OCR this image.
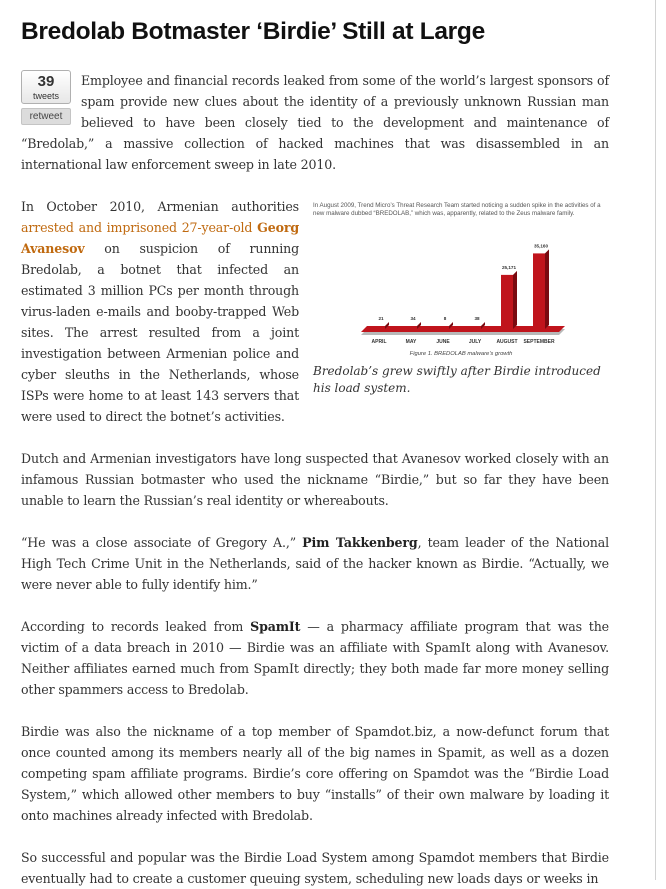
Bredolab Botmaster ‘Birdie’ Still at Large
39
tweets
retweet

Employee and financial records leaked from some of the world’s largest sponsors of spam provide new clues about the identity of a previously unknown Russian man believed to have been closely tied to the development and maintenance of “Bredolab,” a massive collection of hacked machines that was disassembled in an international law enforcement sweep in late 2010.

In August 2009, Trend Micro’s Threat Research Team started noticing a sudden spike in the activities of a new malware dubbed “BREDOLAB,” which was, apparently, related to the Zeus malware family.

21
APRIL
34
MAY
8
JUNE
38
JULY
25,171
AUGUST
35,160
SEPTEMBER
Figure 1. BREDOLAB malware’s growth
Bredolab’s grew swiftly after Birdie introduced his load system.

In October 2010, Armenian authorities arrested and imprisoned 27-year-old Georg Avanesov on suspicion of running Bredolab, a botnet that infected an estimated 3 million PCs per month through virus-laden e-mails and booby-trapped Web sites. The arrest resulted from a joint investigation between Armenian police and cyber sleuths in the Netherlands, whose ISPs were home to at least 143 servers that were used to direct the botnet’s activities.

Dutch and Armenian investigators have long suspected that Avanesov worked closely with an infamous Russian botmaster who used the nickname “Birdie,” but so far they have been unable to learn the Russian’s real identity or whereabouts.

“He was a close associate of Gregory A.,” Pim Takkenberg, team leader of the National High Tech Crime Unit in the Netherlands, said of the hacker known as Birdie. “Actually, we were never able to fully identify him.”

According to records leaked from SpamIt — a pharmacy affiliate program that was the victim of a data breach in 2010 — Birdie was an affiliate with SpamIt along with Avanesov. Neither affiliates earned much from SpamIt directly; they both made far more money selling other spammers access to Bredolab.

Birdie was also the nickname of a top member of Spamdot.biz, a now-defunct forum that once counted among its members nearly all of the big names in Spamit, as well as a dozen competing spam affiliate programs. Birdie’s core offering on Spamdot was the “Birdie Load System,” which allowed other members to buy “installs” of their own malware by loading it onto machines already infected with Bredolab.

So successful and popular was the Birdie Load System among Spamdot members that Birdie eventually had to create a customer queuing system, scheduling new loads days or weeks in
